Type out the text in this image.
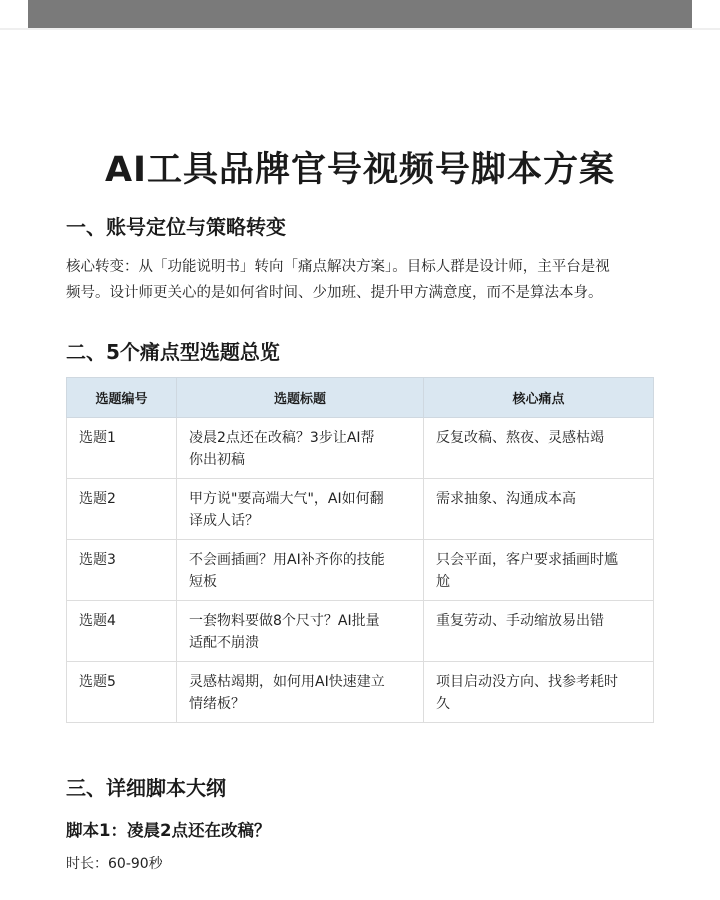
AI工具品牌官号视频号脚本方案
一、账号定位与策略转变

核心转变：从「功能说明书」转向「痛点解决方案」。目标人群是设计师，主平台是视
频号。设计师更关心的是如何省时间、少加班、提升甲方满意度，而不是算法本身。

二、5个痛点型选题总览
选题编号	选题标题	核心痛点
选题1	凌晨2点还在改稿？3步让AI帮
你出初稿	反复改稿、熬夜、灵感枯竭

选题2	甲方说"要高端大气"，AI如何翻
译成人话？	需求抽象、沟通成本高

选题3	不会画插画？用AI补齐你的技能
短板	只会平面，客户要求插画时尴
尬
选题4	一套物料要做8个尺寸？AI批量
适配不崩溃	重复劳动、手动缩放易出错

选题5	灵感枯竭期，如何用AI快速建立
情绪板？	项目启动没方向、找参考耗时
久
三、详细脚本大纲
脚本1：凌晨2点还在改稿？

时长：60-90秒
